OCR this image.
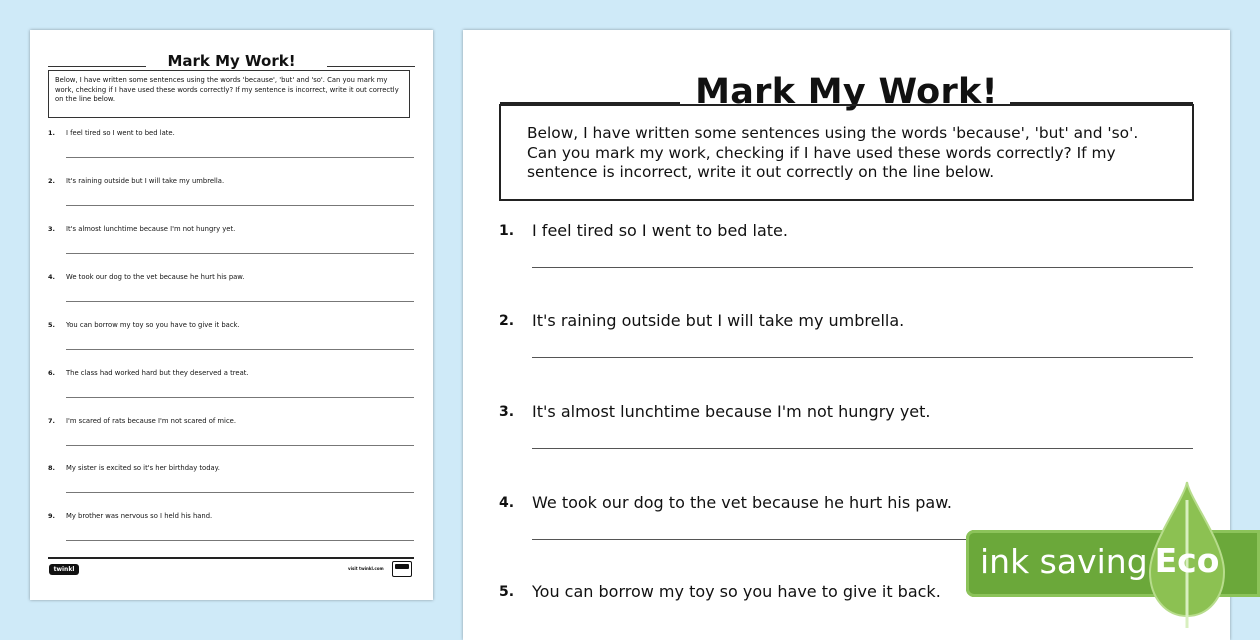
Mark My Work!
Below, I have written some sentences using the words 'because', 'but' and 'so'. Can you mark my work, checking if I have used these words correctly? If my sentence is incorrect, write it out correctly on the line below.
1. I feel tired so I went to bed late.
2. It's raining outside but I will take my umbrella.
3. It's almost lunchtime because I'm not hungry yet.
4. We took our dog to the vet because he hurt his paw.
5. You can borrow my toy so you have to give it back.
6. The class had worked hard but they deserved a treat.
7. I'm scared of rats because I'm not scared of mice.
8. My sister is excited so it's her birthday today.
9. My brother was nervous so I held his hand.
twinkl	visit twinkl.com
Mark My Work!
Below, I have written some sentences using the words 'because', 'but' and 'so'. Can you mark my work, checking if I have used these words correctly? If my sentence is incorrect, write it out correctly on the line below.
1. I feel tired so I went to bed late.
2. It's raining outside but I will take my umbrella.
3. It's almost lunchtime because I'm not hungry yet.
4. We took our dog to the vet because he hurt his paw.
5. You can borrow my toy so you have to give it back.
ink saving Eco
